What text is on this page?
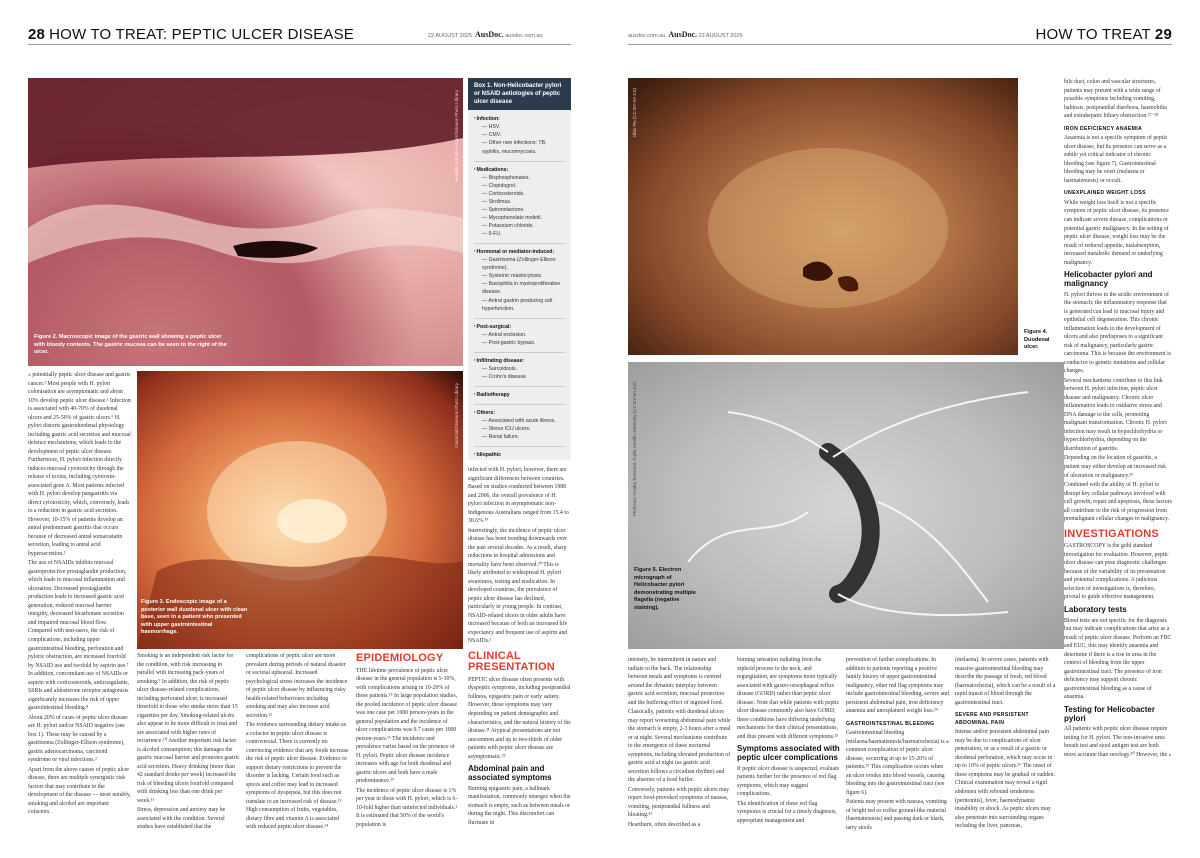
28 HOW TO TREAT: PEPTIC ULCER DISEASE	22 AUGUST 2025 AusDoc. ausdoc.com.au	ausdoc.com.au AusDoc. 22 AUGUST 2025	HOW TO TREAT 29
Hendrik Schulze-Koops/Science Photo Library
Figure 2. Macroscopic image of the gastric wall showing a peptic ulcer with bloody contents. The gastric mucosa can be seen to the right of the ulcer.
Box 1. Non-Helicobacter pylori or NSAID aetiologies of peptic ulcer disease
▪ Infection:
— HSV.
— CMV.
— Other rare infections: TB, syphilis, mucormycosis.
▪ Medications:
— Bisphosphonates.
— Clopidogrel.
— Corticosteroids.
— Sirolimus.
— Spironolactone.
— Mycophenolate mofetil.
— Potassium chloride.
— 5-FU.
▪ Hormonal or mediator-induced:
— Gastrinoma (Zollinger-Ellison syndrome).
— Systemic mastocytosis.
— Basophilia in myeloproliferative disease.
— Antral gastrin producing cell hyperfunction.
▪ Post-surgical:
— Antral exclusion.
— Post-gastric bypass.
▪ Infiltrating disease:
— Sarcoidosis.
— Crohn's disease.
▪ Radiotherapy
▪ Others:
— Associated with acute illness.
— Stress ICU ulcers.
— Renal failure.
▪ Idiopathic
Gastrolab/Science Photo Library
Figure 3. Endoscopic image of a posterior wall duodenal ulcer with clean base, seen in a patient who presented with upper gastrointestinal haemorrhage.
Ohio Pix (CC BY-SA 3.0)
Figure 4. Duodenal ulcer.
Professor Yutaka Tsutsumi, Fujita Health University (CC BY-SA 4.0)
Figure 5. Electron micrograph of Helicobacter pylori demonstrating multiple flagella (negative staining).

« potentially peptic ulcer disease and gastric cancer.¹ Most people with H. pylori colonisation are asymptomatic and about 10% develop peptic ulcer disease.¹ Infection is associated with 40-70% of duodenal ulcers and 25-50% of gastric ulcers.⁶ H. pylori distorts gastroduodenal physiology including gastric acid secretion and mucosal defence mechanisms, which leads to the development of peptic ulcer disease. Furthermore, H. pylori infection directly induces mucosal cytotoxicity through the release of toxins, including cytotoxin-associated gene A. Most patients infected with H. pylori develop pangastritis via direct cytotoxicity, which, conversely, leads to a reduction in gastric acid secretion. However, 10-15% of patients develop an antral predominant gastritis that occurs because of decreased antral somatostatin secretion, leading to antral acid hypersecretion.²

The use of NSAIDs inhibits mucosal gastroprotective prostaglandin production, which leads to mucosal inflammation and ulceration. Decreased prostaglandin production leads to increased gastric acid generation, reduced mucosal barrier integrity, decreased bicarbonate secretion and impaired mucosal blood flow. Compared with non-users, the risk of complications, including upper gastrointestinal bleeding, perforation and pyloric obstruction, are increased fourfold by NSAID use and twofold by aspirin use.⁷ In addition, concomitant use of NSAIDs or aspirin with corticosteroids, anticoagulants, SSRIs and aldosterone receptor antagonists significantly increases the risk of upper gastrointestinal bleeding.⁸

About 20% of cases of peptic ulcer disease are H. pylori and/or NSAID negative (see box 1). These may be caused by a gastrinoma (Zollinger-Ellison syndrome), gastric adenocarcinoma, carcinoid syndrome or viral infections.²

Apart from the above causes of peptic ulcer disease, there are multiple synergistic risk factors that may contribute to the development of the disease — most notably, smoking and alcohol are important cofactors.

Smoking is an independent risk factor for the condition, with risk increasing in parallel with increasing pack-years of smoking.⁹ In addition, the risk of peptic ulcer disease-related complications, including perforated ulcer, is increased threefold in those who smoke more than 15 cigarettes per day. Smoking-related ulcers also appear to be more difficult to treat and are associated with higher rates of recurrence.¹⁰ Another important risk factor is alcohol consumption; this damages the gastric mucosal barrier and promotes gastric acid secretion. Heavy drinking (more than 42 standard drinks per week) increased the risk of bleeding ulcers fourfold compared with drinking less than one drink per week.¹¹

Stress, depression and anxiety may be associated with the condition. Several studies have established that the

complications of peptic ulcer are more prevalent during periods of natural disaster or societal upheaval. Increased psychological stress increases the incidence of peptic ulcer disease by influencing risky health-related behaviours including smoking and may also increase acid secretion.¹²

The evidence surrounding dietary intake as a cofactor in peptic ulcer disease is controversial. There is currently no convincing evidence that any foods increase the risk of peptic ulcer disease. Evidence to support dietary restrictions to prevent the disorder is lacking. Certain food such as spices and coffee may lead to increased symptoms of dyspepsia, but this does not translate to an increased risk of disease.¹³ High consumption of fruits, vegetables, dietary fibre and vitamin A is associated with reduced peptic ulcer disease.¹⁴

EPIDEMIOLOGY

THE lifetime prevalence of peptic ulcer disease in the general population is 5-10%, with complications arising in 10-20% of these patients.¹⁵ In large population studies, the pooled incidence of peptic ulcer disease was one case per 1000 person-years in the general population and the incidence of ulcer complications was 0.7 cases per 1000 person-years.¹⁶ The incidence and prevalence varies based on the presence of H. pylori. Peptic ulcer disease incidence increases with age for both duodenal and gastric ulcers and both have a male predominance.¹⁶

The incidence of peptic ulcer disease is 1% per year in those with H. pylori, which is 6-10-fold higher than uninfected individuals.¹ It is estimated that 50% of the world's population is

infected with H. pylori; however, there are significant differences between countries. Based on studies conducted between 1988 and 2006, the overall prevalence of H. pylori infection in asymptomatic non-Indigenous Australians ranged from 15.4 to 30.6%.¹⁹

Interestingly, the incidence of peptic ulcer disease has been trending downwards over the past several decades. As a result, sharp reductions in hospital admissions and mortality have been observed.²⁰ This is likely attributed to widespread H. pylori awareness, testing and eradication. In developed countries, the prevalence of peptic ulcer disease has declined, particularly in young people. In contrast, NSAID-related ulcers in older adults have increased because of both an increased life expectancy and frequent use of aspirin and NSAIDs.²

CLINICAL PRESENTATION

PEPTIC ulcer disease often presents with dyspeptic symptoms, including postprandial fullness, epigastric pain or early satiety. However, these symptoms may vary depending on patient demographic and characteristics, and the natural history of the disease.²¹ Atypical presentations are not uncommon and up to two-thirds of older patients with peptic ulcer disease are asymptomatic.²²

Abdominal pain and associated symptoms

Burning epigastric pain, a hallmark manifestation, commonly emerges when the stomach is empty, such as between meals or during the night. This discomfort can fluctuate in

intensity, be intermittent in nature and radiate to the back. The relationship between meals and symptoms is centred around the dynamic interplay between gastric acid secretion, mucosal protection and the buffering effect of ingested food.

Classically, patients with duodenal ulcers may report worsening abdominal pain while the stomach is empty, 2-3 hours after a meal or at night. Several mechanisms contribute to the emergence of these nocturnal symptoms, including elevated production of gastric acid at night (as gastric acid secretion follows a circadian rhythm) and the absence of a food buffer.

Conversely, patients with peptic ulcers may report food-provoked symptoms of nausea, vomiting, postprandial fullness and bloating.²³

Heartburn, often described as a

burning sensation radiating from the xiphoid process to the neck, and regurgitation, are symptoms more typically associated with gastro-oesophageal reflux disease (GORD) rather than peptic ulcer disease. Note that while patients with peptic ulcer disease commonly also have GORD, these conditions have differing underlying mechanisms for their clinical presentations, and thus present with different symptoms.²³

Symptoms associated with peptic ulcer complications

If peptic ulcer disease is suspected, evaluate patients further for the presence of red flag symptoms, which may suggest complications.

The identification of these red flag symptoms is crucial for a timely diagnosis, appropriate management and

prevention of further complications. In addition to patients reporting a positive family history of upper gastrointestinal malignancy, other red flag symptoms may include gastrointestinal bleeding, severe and persistent abdominal pain, iron deficiency anaemia and unexplained weight loss.²⁴

GASTROINTESTINAL BLEEDING

Gastrointestinal bleeding (melaena/haematemesis/haematochezia) is a common complication of peptic ulcer disease, occurring in up to 15-20% of patients.²⁵ This complication occurs when an ulcer erodes into blood vessels, causing bleeding into the gastrointestinal tract (see figure 6).

Patients may present with nausea, vomiting of bright red or coffee ground-like material (haematemesis) and passing dark or black, tarry stools

(melaena). In severe cases, patients with massive gastrointestinal bleeding may describe the passage of fresh, red blood (haematochezia), which can be a result of a rapid transit of blood through the gastrointestinal tract.

SEVERE AND PERSISTENT ABDOMINAL PAIN

Intense and/or persistent abdominal pain may be due to complications of ulcer penetration, or as a result of a gastric or duodenal perforation, which may occur in up to 10% of peptic ulcers.²⁶ The onset of these symptoms may be gradual or sudden. Clinical examination may reveal a rigid abdomen with rebound tenderness (peritonitis), fever, haemodynamic instability or shock. As peptic ulcers may also penetrate into surrounding organs including the liver, pancreas,

bile duct, colon and vascular structures, patients may present with a wide range of possible symptoms including vomiting, halitosis, postprandial diarrhoea, haemobilia and extrahepatic biliary obstruction.²⁷⁻²⁸

IRON DEFICIENCY ANAEMIA

Anaemia is not a specific symptom of peptic ulcer disease, but its presence can serve as a subtle yet critical indicator of chronic bleeding (see figure 7). Gastrointestinal bleeding may be overt (melaena or haematemesis) or occult.

UNEXPLAINED WEIGHT LOSS

While weight loss itself is not a specific symptom of peptic ulcer disease, its presence can indicate severe disease, complications or potential gastric malignancy. In the setting of peptic ulcer disease, weight loss may be the result of reduced appetite, malabsorption, increased metabolic demand or underlying malignancy.

Helicobacter pylori and malignancy

H. pylori thrives in the acidic environment of the stomach; the inflammatory response that is generated can lead to mucosal injury and epithelial cell degeneration. This chronic inflammation leads to the development of ulcers and also predisposes to a significant risk of malignancy, particularly gastric carcinoma. This is because the environment is conducive to genetic mutations and cellular changes.

Several mechanisms contribute to this link between H. pylori infection, peptic ulcer disease and malignancy. Chronic ulcer inflammation leads to oxidative stress and DNA damage to the cells, promoting malignant transformation. Chronic H. pylori infection may result in hypochlorhydria or hyperchlorhydria, depending on the distribution of gastritis.

Depending on the location of gastritis, a patient may either develop an increased risk of ulceration or malignancy.²⁹

Combined with the ability of H. pylori to disrupt key cellular pathways involved with cell growth, repair and apoptosis, these factors all contribute to the risk of progression from premalignant cellular changes to malignancy.

INVESTIGATIONS

GASTROSCOPY is the gold standard investigation for evaluation. However, peptic ulcer disease can pose diagnostic challenges because of the variability of its presentation and potential complications. A judicious selection of investigations is, therefore, pivotal to guide effective management.

Laboratory tests

Blood tests are not specific for the diagnosis but may indicate complications that arise as a result of peptic ulcer disease. Perform an FBC and EUC, this may identify anaemia and determine if there is a rise in urea in the context of bleeding from the upper gastrointestinal tract. The presence of iron deficiency may support chronic gastrointestinal bleeding as a cause of anaemia.

Testing for Helicobacter pylori

All patients with peptic ulcer disease require testing for H. pylori. The non-invasive urea breath test and stool antigen test are both more accurate than serology.³⁰ However, the »
